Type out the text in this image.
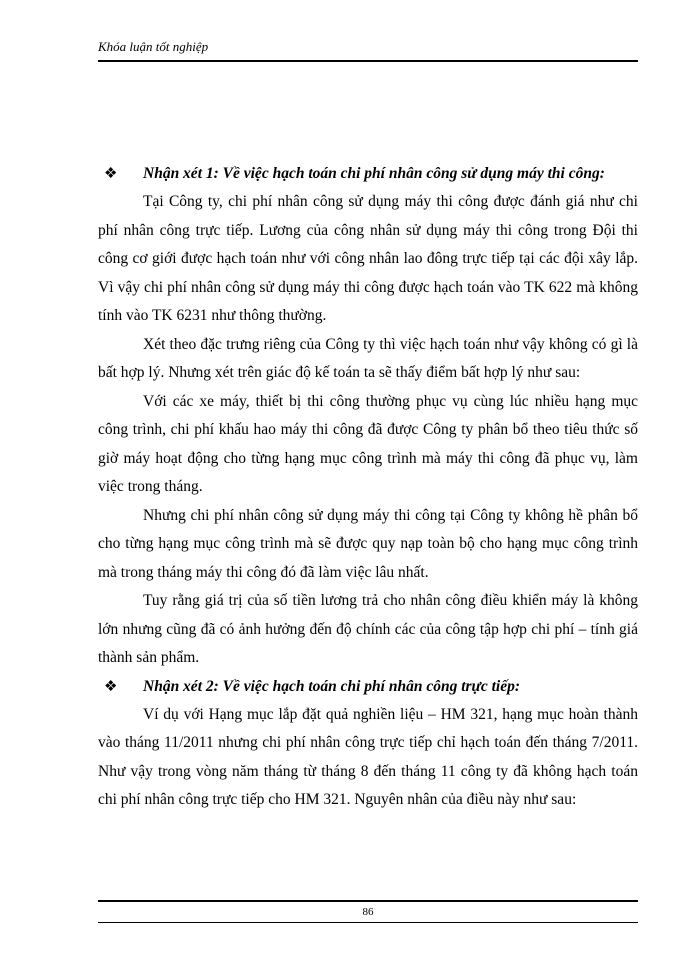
Khóa luận tốt nghiệp
❖	Nhận xét 1: Về việc hạch toán chi phí nhân công sử dụng máy thi công:

Tại Công ty, chi phí nhân công sử dụng máy thi công được đánh giá như chi phí nhân công trực tiếp. Lương của công nhân sử dụng máy thi công trong Đội thi công cơ giới được hạch toán như với công nhân lao đông trực tiếp tại các đội xây lắp. Vì vậy chi phí nhân công sử dụng máy thi công được hạch toán vào TK 622 mà không tính vào TK 6231 như thông thường.

Xét theo đặc trưng riêng của Công ty thì việc hạch toán như vậy không có gì là bất hợp lý. Nhưng xét trên giác độ kế toán ta sẽ thấy điểm bất hợp lý như sau:

Với các xe máy, thiết bị thi công thường phục vụ cùng lúc nhiều hạng mục công trình, chi phí khấu hao máy thi công đã được Công ty phân bổ theo tiêu thức số giờ máy hoạt động cho từng hạng mục công trình mà máy thi công đã phục vụ, làm việc trong tháng.

Nhưng chi phí nhân công sử dụng máy thi công tại Công ty không hề phân bổ cho từng hạng mục công trình mà sẽ được quy nạp toàn bộ cho hạng mục công trình mà trong tháng máy thi công đó đã làm việc lâu nhất.

Tuy rằng giá trị của số tiền lương trả cho nhân công điều khiển máy là không lớn nhưng cũng đã có ảnh hưởng đến độ chính các của công tập hợp chi phí – tính giá thành sản phẩm.

❖	Nhận xét 2: Về việc hạch toán chi phí nhân công trực tiếp:

Ví dụ với Hạng mục lắp đặt quả nghiền liệu – HM 321, hạng mục hoàn thành vào tháng 11/2011 nhưng chi phí nhân công trực tiếp chỉ hạch toán đến tháng 7/2011. Như vậy trong vòng năm tháng từ tháng 8 đến tháng 11 công ty đã không hạch toán chi phí nhân công trực tiếp cho HM 321. Nguyên nhân của điều này như sau:

86
